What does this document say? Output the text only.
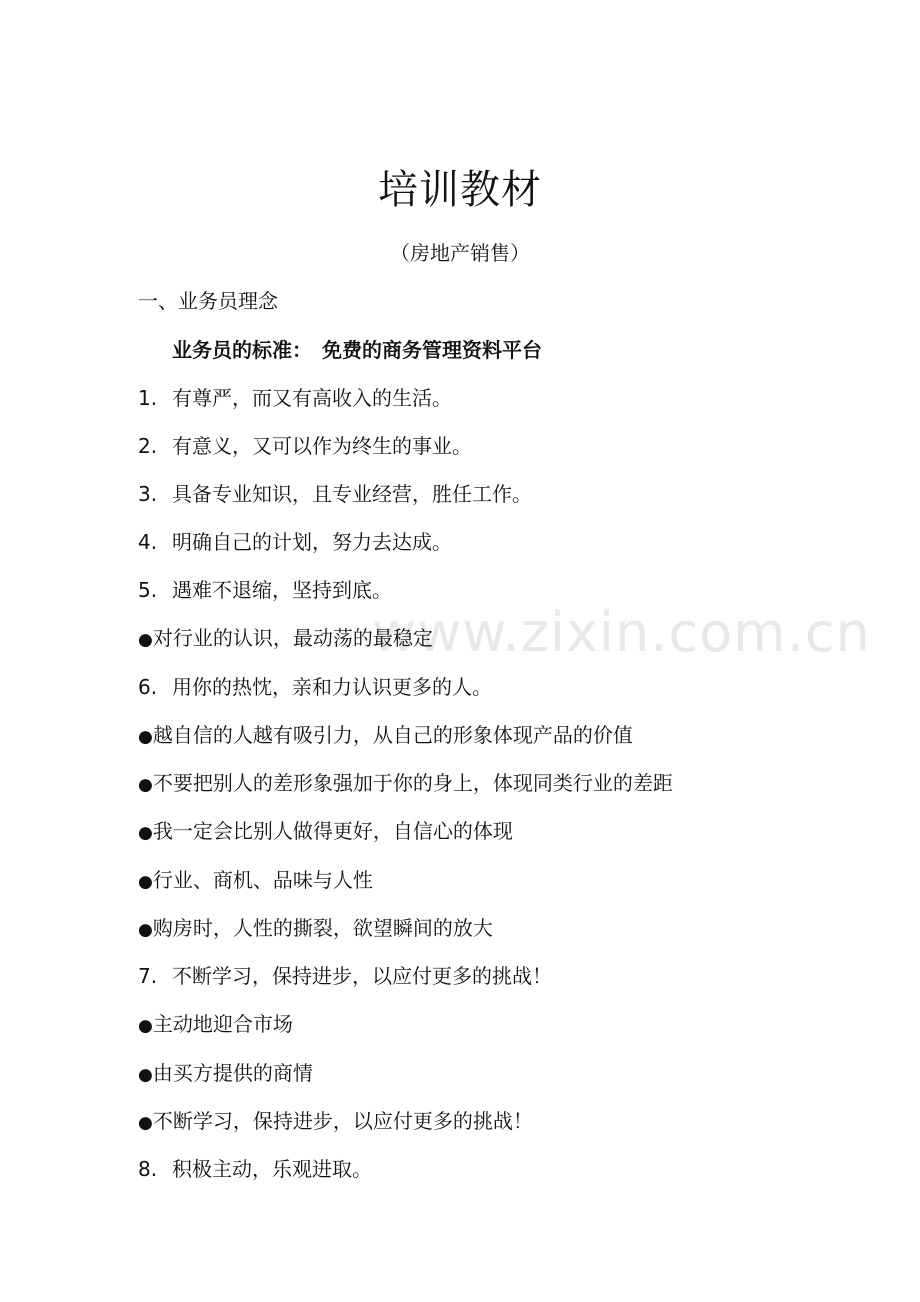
www.zixin.com.cn
培训教材
（房地产销售）
一、业务员理念
业务员的标准：　免费的商务管理资料平台
1. 有尊严，而又有高收入的生活。
2. 有意义，又可以作为终生的事业。
3. 具备专业知识，且专业经营，胜任工作。
4. 明确自己的计划，努力去达成。
5. 遇难不退缩，坚持到底。
●对行业的认识，最动荡的最稳定
6. 用你的热忱，亲和力认识更多的人。
●越自信的人越有吸引力，从自己的形象体现产品的价值
●不要把别人的差形象强加于你的身上，体现同类行业的差距
●我一定会比别人做得更好，自信心的体现
●行业、商机、品味与人性
●购房时，人性的撕裂，欲望瞬间的放大
7. 不断学习，保持进步，以应付更多的挑战！
●主动地迎合市场
●由买方提供的商情
●不断学习，保持进步，以应付更多的挑战！
8. 积极主动，乐观进取。
